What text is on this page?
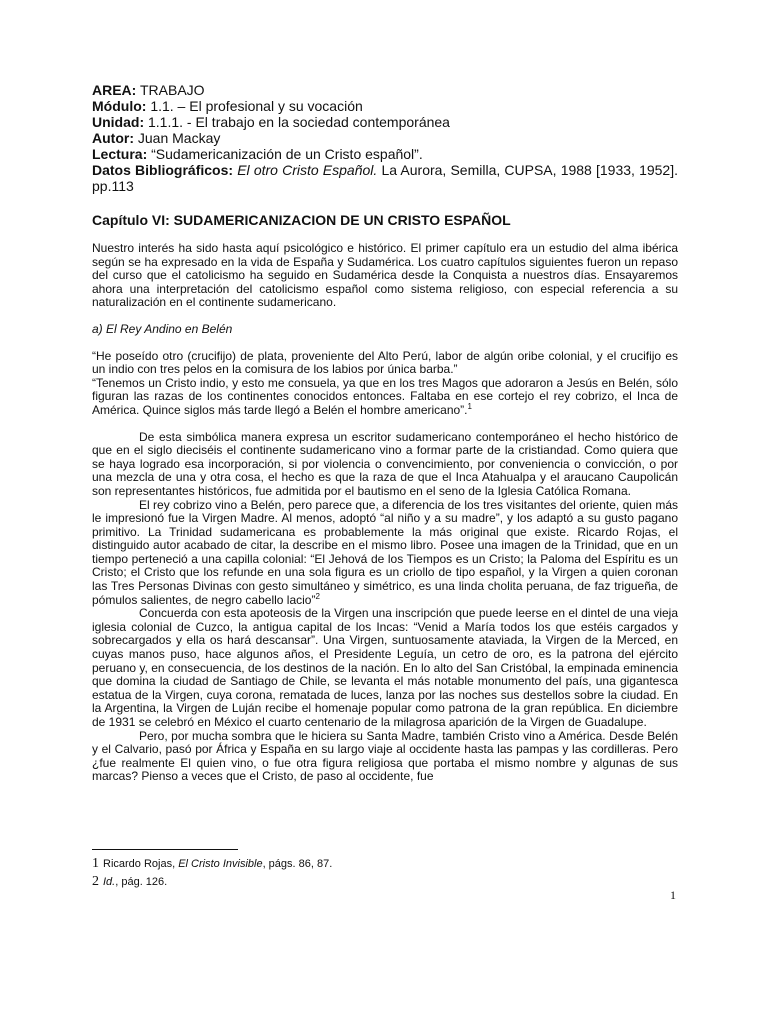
AREA: TRABAJO
Módulo: 1.1. – El profesional y su vocación
Unidad: 1.1.1. - El trabajo en la sociedad contemporánea
Autor: Juan Mackay
Lectura: “Sudamericanización de un Cristo español”.
Datos Bibliográficos: El otro Cristo Español. La Aurora, Semilla, CUPSA, 1988 [1933, 1952]. pp.113
Capítulo VI: SUDAMERICANIZACION DE UN CRISTO ESPAÑOL

Nuestro interés ha sido hasta aquí psicológico e histórico. El primer capítulo era un estudio del alma ibérica según se ha expresado en la vida de España y Sudamérica. Los cuatro capítulos siguientes fueron un repaso del curso que el catolicismo ha seguido en Sudamérica desde la Conquista a nuestros días. Ensayaremos ahora una interpretación del catolicismo español como sistema religioso, con especial referencia a su naturalización en el continente sudamericano.

a) El Rey Andino en Belén

“He poseído otro (crucifijo) de plata, proveniente del Alto Perú, labor de algún oribe colonial, y el crucifijo es un indio con tres pelos en la comisura de los labios por única barba.”

“Tenemos un Cristo indio, y esto me consuela, ya que en los tres Magos que adoraron a Jesús en Belén, sólo figuran las razas de los continentes conocidos entonces. Faltaba en ese cortejo el rey cobrizo, el Inca de América. Quince siglos más tarde llegó a Belén el hombre americano”.$^1$

De esta simbólica manera expresa un escritor sudamericano contemporáneo el hecho histórico de que en el siglo dieciséis el continente sudamericano vino a formar parte de la cristiandad. Como quiera que se haya logrado esa incorporación, si por violencia o convencimiento, por conveniencia o convicción, o por una mezcla de una y otra cosa, el hecho es que la raza de que el Inca Atahualpa y el araucano Caupolicán son representantes históricos, fue admitida por el bautismo en el seno de la Iglesia Católica Romana.

El rey cobrizo vino a Belén, pero parece que, a diferencia de los tres visitantes del oriente, quien más le impresionó fue la Virgen Madre. Al menos, adoptó “al niño y a su madre”, y los adaptó a su gusto pagano primitivo. La Trinidad sudamericana es probablemente la más original que existe. Ricardo Rojas, el distinguido autor acabado de citar, la describe en el mismo libro. Posee una imagen de la Trinidad, que en un tiempo perteneció a una capilla colonial: “El Jehová de los Tiempos es un Cristo; la Paloma del Espíritu es un Cristo; el Cristo que los refunde en una sola figura es un criollo de tipo español, y la Virgen a quien coronan las Tres Personas Divinas con gesto simultáneo y simétrico, es una linda cholita peruana, de faz trigueña, de pómulos salientes, de negro cabello lacio”$^2$

Concuerda con esta apoteosis de la Virgen una inscripción que puede leerse en el dintel de una vieja iglesia colonial de Cuzco, la antigua capital de los Incas: “Venid a María todos los que estéis cargados y sobrecargados y ella os hará descansar”. Una Virgen, suntuosamente ataviada, la Virgen de la Merced, en cuyas manos puso, hace algunos años, el Presidente Leguía, un cetro de oro, es la patrona del ejército peruano y, en consecuencia, de los destinos de la nación. En lo alto del San Cristóbal, la empinada eminencia que domina la ciudad de Santiago de Chile, se levanta el más notable monumento del país, una gigantesca estatua de la Virgen, cuya corona, rematada de luces, lanza por las noches sus destellos sobre la ciudad. En la Argentina, la Virgen de Luján recibe el homenaje popular como patrona de la gran república. En diciembre de 1931 se celebró en México el cuarto centenario de la milagrosa aparición de la Virgen de Guadalupe.

Pero, por mucha sombra que le hiciera su Santa Madre, también Cristo vino a América. Desde Belén y el Calvario, pasó por África y España en su largo viaje al occidente hasta las pampas y las cordilleras. Pero ¿fue realmente El quien vino, o fue otra figura religiosa que portaba el mismo nombre y algunas de sus marcas? Pienso a veces que el Cristo, de paso al occidente, fue

1 Ricardo Rojas, El Cristo Invisible, págs. 86, 87.
2 Id., pág. 126.
1
